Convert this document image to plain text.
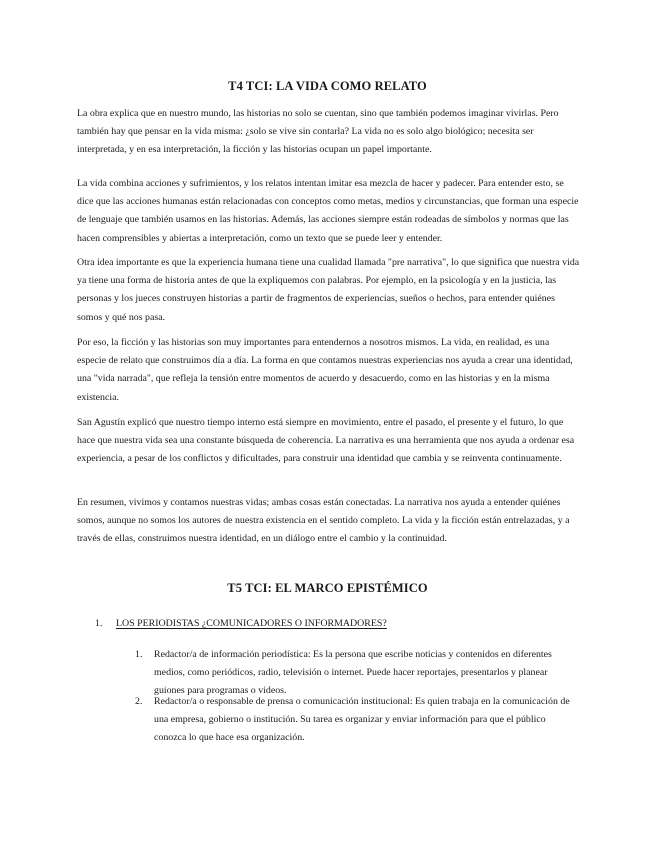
T4 TCI: LA VIDA COMO RELATO

La obra explica que en nuestro mundo, las historias no solo se cuentan, sino que también podemos imaginar vivirlas. Pero también hay que pensar en la vida misma: ¿solo se vive sin contarla? La vida no es solo algo biológico; necesita ser interpretada, y en esa interpretación, la ficción y las historias ocupan un papel importante.

La vida combina acciones y sufrimientos, y los relatos intentan imitar esa mezcla de hacer y padecer. Para entender esto, se dice que las acciones humanas están relacionadas con conceptos como metas, medios y circunstancias, que forman una especie de lenguaje que también usamos en las historias. Además, las acciones siempre están rodeadas de símbolos y normas que las hacen comprensibles y abiertas a interpretación, como un texto que se puede leer y entender.

Otra idea importante es que la experiencia humana tiene una cualidad llamada "pre narrativa", lo que significa que nuestra vida ya tiene una forma de historia antes de que la expliquemos con palabras. Por ejemplo, en la psicología y en la justicia, las personas y los jueces construyen historias a partir de fragmentos de experiencias, sueños o hechos, para entender quiénes somos y qué nos pasa.

Por eso, la ficción y las historias son muy importantes para entendernos a nosotros mismos. La vida, en realidad, es una especie de relato que construimos día a día. La forma en que contamos nuestras experiencias nos ayuda a crear una identidad, una "vida narrada", que refleja la tensión entre momentos de acuerdo y desacuerdo, como en las historias y en la misma existencia.

San Agustín explicó que nuestro tiempo interno está siempre en movimiento, entre el pasado, el presente y el futuro, lo que hace que nuestra vida sea una constante búsqueda de coherencia. La narrativa es una herramienta que nos ayuda a ordenar esa experiencia, a pesar de los conflictos y dificultades, para construir una identidad que cambia y se reinventa continuamente.

En resumen, vivimos y contamos nuestras vidas; ambas cosas están conectadas. La narrativa nos ayuda a entender quiénes somos, aunque no somos los autores de nuestra existencia en el sentido completo. La vida y la ficción están entrelazadas, y a través de ellas, construimos nuestra identidad, en un diálogo entre el cambio y la continuidad.

T5 TCI: EL MARCO EPISTÉMICO
1. LOS PERIODISTAS ¿COMUNICADORES O INFORMADORES?
1. Redactor/a de información periodística: Es la persona que escribe noticias y contenidos en diferentes medios, como periódicos, radio, televisión o internet. Puede hacer reportajes, presentarlos y planear guiones para programas o videos.
2. Redactor/a o responsable de prensa o comunicación institucional: Es quien trabaja en la comunicación de una empresa, gobierno o institución. Su tarea es organizar y enviar información para que el público conozca lo que hace esa organización.
